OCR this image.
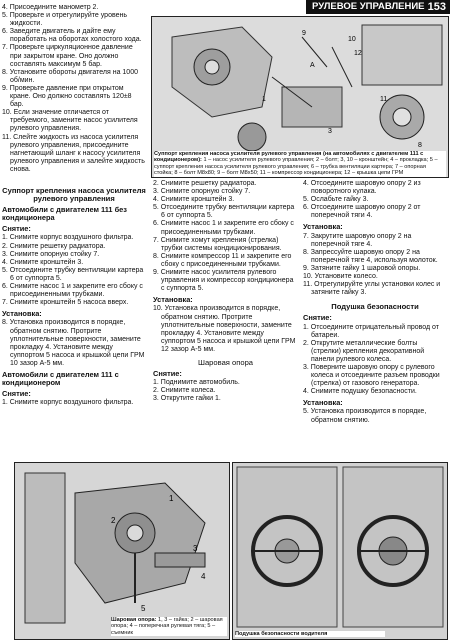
РУЛЕВОЕ УПРАВЛЕНИЕ 153

4. Присоедините манометр 2.

5. Проверьте и отрегулируйте уровень жидкости.

6. Заведите двигатель и дайте ему поработать на оборотах холостого хода.

7. Проверьте циркуляционное давление при закрытом кране. Оно должно составлять максимум 5 бар.

8. Установите обороты двигателя на 1000 об/мин.

9. Проверьте давление при открытом кране. Оно должно составлять 120±8 бар.

10. Если значение отличается от требуемого, замените насос усилителя рулевого управления.

11. Слейте жидкость из насоса усилителя рулевого управления, присоедините нагнетающий шланг к насосу усилителя рулевого управления и залейте жидкость снова.

9
10
12
A
1	11
3
8
Суппорт крепления насоса усилителя рулевого управления (на автомобилях с двигателем 111 с кондиционером): 1 – насос усилителя рулевого управления; 2 – болт; 3, 10 – кронштейн; 4 – прокладка; 5 – суппорт крепления насоса усилителя рулевого управления; 6 – трубка вентиляции картера; 7 – опорная стойка; 8 – болт M8x80; 9 – болт M8x50; 11 – компрессор кондиционера; 12 – крышка цепи ГРМ

Суппорт крепления насоса усилителя рулевого управления

Автомобили с двигателем 111 без кондиционера

Снятие:

1. Снимите корпус воздушного фильтра.

2. Снимите решетку радиатора.

3. Снимите опорную стойку 7.

4. Снимите кронштейн 3.

5. Отсоедините трубку вентиляции картера 6 от суппорта 5.

6. Снимите насос 1 и закрепите его сбоку с присоединенными трубками.

7. Снимите кронштейн 5 насоса вверх.

Установка:

8. Установка производится в порядке, обратном снятию. Протрите уплотнительные поверхности, замените прокладку 4. Установите между суппортом 5 насоса и крышкой цепи ГРМ 10 зазор А-5 мм.

Автомобили с двигателем 111 с кондиционером

Снятие:

1. Снимите корпус воздушного фильтра.

2. Снимите решетку радиатора.

3. Снимите опорную стойку 7.

4. Снимите кронштейн 3.

5. Отсоедините трубку вентиляции картера 6 от суппорта 5.

6. Снимите насос 1 и закрепите его сбоку с присоединенными трубками.

7. Снимите хомут крепления (стрелка) трубки системы кондиционирования.

8. Снимите компрессор 11 и закрепите его сбоку с присоединенными трубками.

9. Снимите насос усилителя рулевого управления и компрессор кондиционера с суппорта 5.

Установка:

10. Установка производится в порядке, обратном снятию. Протрите уплотнительные поверхности, замените прокладку 4. Установите между суппортом 5 насоса и крышкой цепи ГРМ 12 зазор А-5 мм.

Шаровая опора

Снятие:

1. Поднимите автомобиль.

2. Снимите колеса.

3. Открутите гайки 1.

4. Отсоедините шаровую опору 2 из поворотного кулака.

5. Ослабьте гайку 3.

6. Отсоедините шаровую опору 2 от поперечной тяги 4.

Установка:

7. Закрутите шаровую опору 2 на поперечной тяге 4.

8. Запрессуйте шаровую опору 2 на поперечной тяге 4, используя молоток.

9. Затяните гайку 1 шаровой опоры.

10. Установите колесо.

11. Отрегулируйте углы установки колес и затяните гайку 3.

Подушка безопасности

Снятие:

1. Отсоедините отрицательный провод от батареи.

2. Открутите металлические болты (стрелки) крепления декоративной панели рулевого колеса.

3. Поверните шаровую опору с рулевого колеса и отсоедините разъем проводки (стрелка) от газового генератора.

4. Снимите подушку безопасности.

Установка:

5. Установка производится в порядке, обратном снятию.

1
2
3
4
5
Шаровая опора: 1, 3 – гайка; 2 – шаровая опора; 4 – поперечная рулевая тяга; 5 – съемник	Подушка безопасности водителя
